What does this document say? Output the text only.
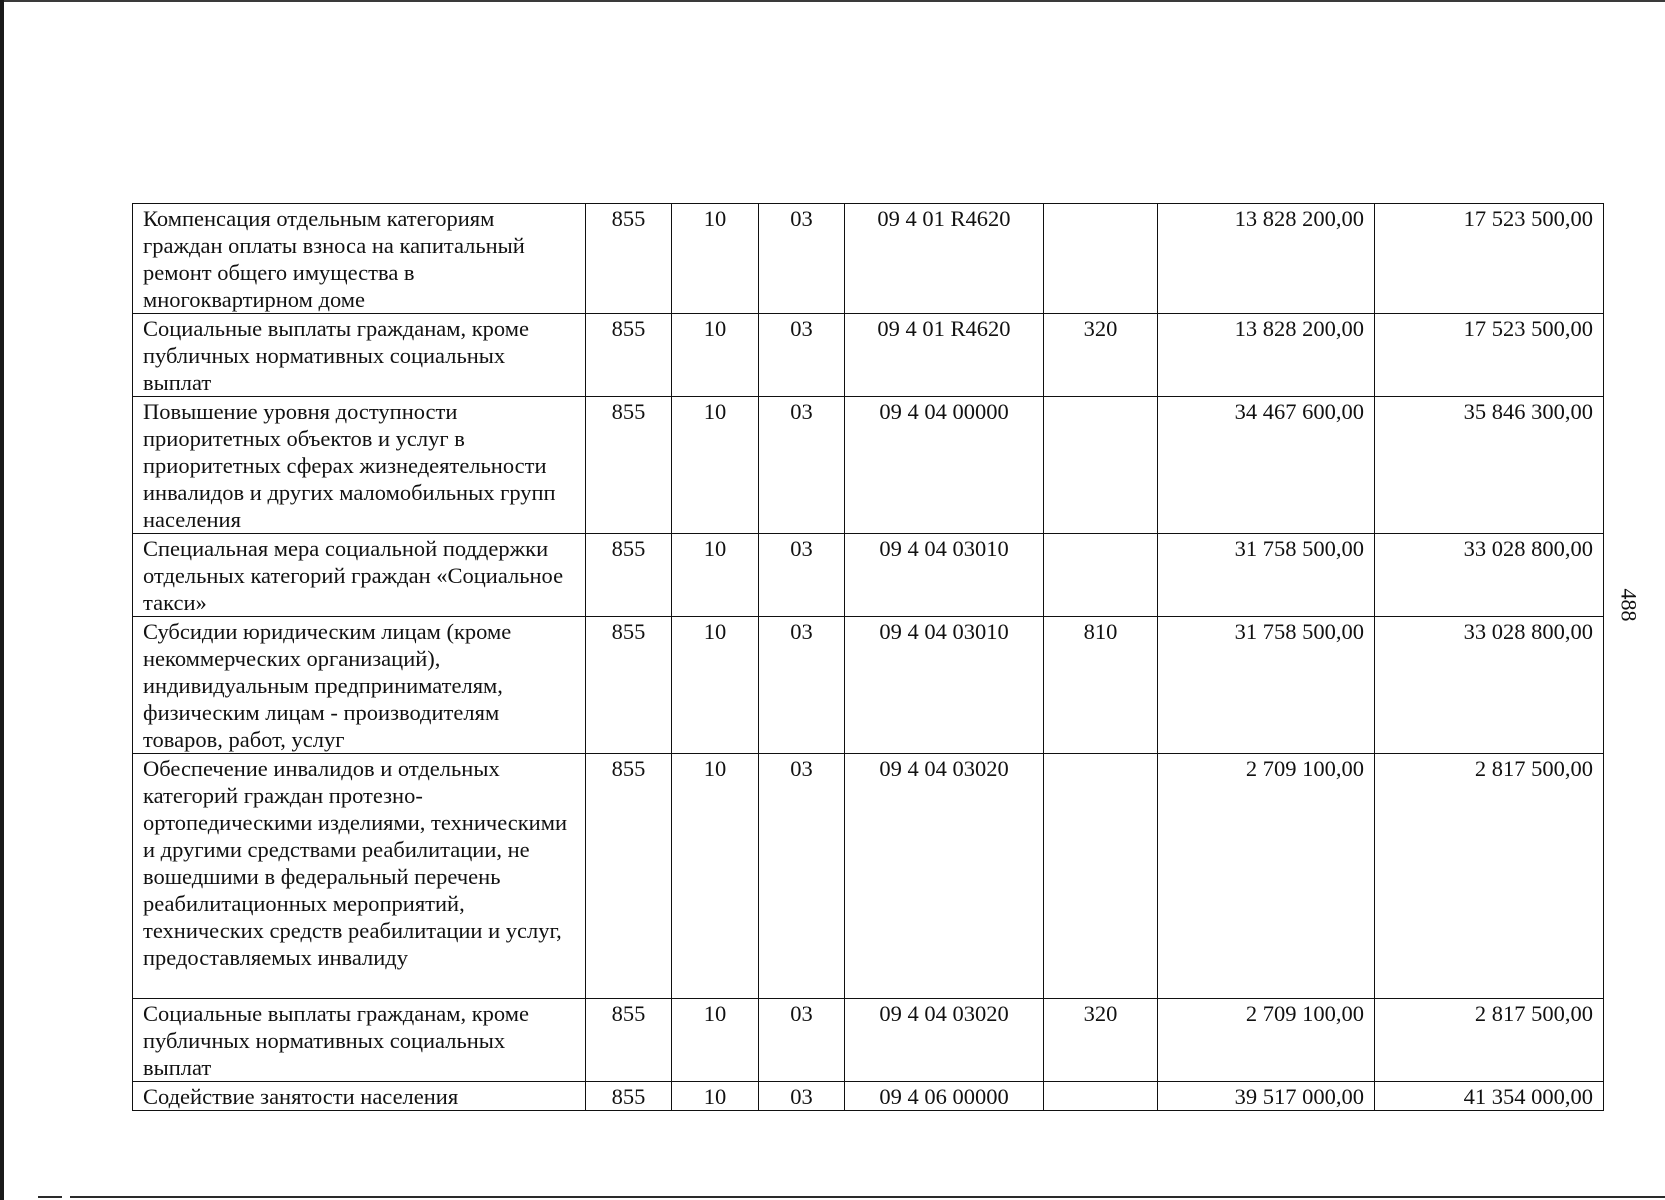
488
Компенсация отдельным категориям граждан оплаты взноса на капитальный ремонт общего имущества в многоквартирном доме	855	10	03	09 4 01 R4620		13 828 200,00	17 523 500,00
Социальные выплаты гражданам, кроме публичных нормативных социальных выплат	855	10	03	09 4 01 R4620	320	13 828 200,00	17 523 500,00
Повышение уровня доступности приоритетных объектов и услуг в приоритетных сферах жизнедеятельности инвалидов и других маломобильных групп населения	855	10	03	09 4 04 00000		34 467 600,00	35 846 300,00
Специальная мера социальной поддержки отдельных категорий граждан «Социальное такси»	855	10	03	09 4 04 03010		31 758 500,00	33 028 800,00
Субсидии юридическим лицам (кроме некоммерческих организаций), индивидуальным предпринимателям, физическим лицам - производителям товаров, работ, услуг	855	10	03	09 4 04 03010	810	31 758 500,00	33 028 800,00
Обеспечение инвалидов и отдельных категорий граждан протезно-ортопедическими изделиями, техническими и другими средствами реабилитации, не вошедшими в федеральный перечень реабилитационных мероприятий, технических средств реабилитации и услуг, предоставляемых инвалиду	855	10	03	09 4 04 03020		2 709 100,00	2 817 500,00
Социальные выплаты гражданам, кроме публичных нормативных социальных выплат	855	10	03	09 4 04 03020	320	2 709 100,00	2 817 500,00
Содействие занятости населения	855	10	03	09 4 06 00000		39 517 000,00	41 354 000,00
